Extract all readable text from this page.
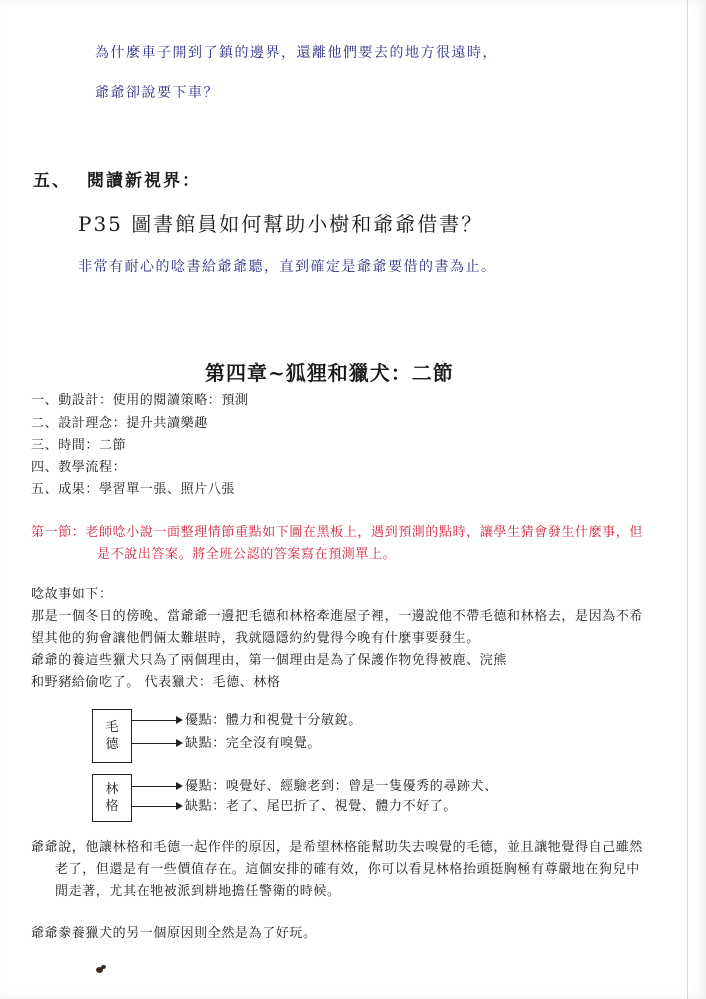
為什麼車子開到了鎮的邊界，還離他們要去的地方很遠時，
爺爺卻說要下車？
五、 閱讀新視界：
P35 圖書館員如何幫助小樹和爺爺借書？
非常有耐心的唸書給爺爺聽，直到確定是爺爺要借的書為止。
第四章~狐狸和獵犬：二節
一、動設計：使用的閱讀策略：預測
二、設計理念：提升共讀樂趣
三、時間：二節
四、教學流程：
五、成果：學習單一張、照片八張
第一節：老師唸小說一面整理情節重點如下圖在黑板上，遇到預測的點時，讓學生猜會發生什麼事，但
是不說出答案。將全班公認的答案寫在預測單上。
唸故事如下：
那是一個冬日的傍晚、當爺爺一邊把毛德和林格牽進屋子裡，一邊說他不帶毛德和林格去，是因為不希
望其他的狗會讓他們倆太難堪時，我就隱隱約約覺得今晚有什麼事要發生。
爺爺的養這些獵犬只為了兩個理由，第一個理由是為了保護作物免得被鹿、浣熊
和野豬給偷吃了。 代表獵犬：毛德、林格
毛
德
優點：體力和視覺十分敏銳。
缺點：完全沒有嗅覺。
林
格
優點：嗅覺好、經驗老到：曾是一隻優秀的尋跡犬、
缺點：老了、尾巴折了、視覺、體力不好了。
爺爺說，他讓林格和毛德一起作伴的原因，是希望林格能幫助失去嗅覺的毛德，並且讓牠覺得自己雖然
老了，但還是有一些價值存在。這個安排的確有效，你可以看見林格抬頭挺胸極有尊嚴地在狗兒中
閒走著，尤其在牠被派到耕地擔任警衛的時候。
爺爺豢養獵犬的另一個原因則全然是為了好玩。
